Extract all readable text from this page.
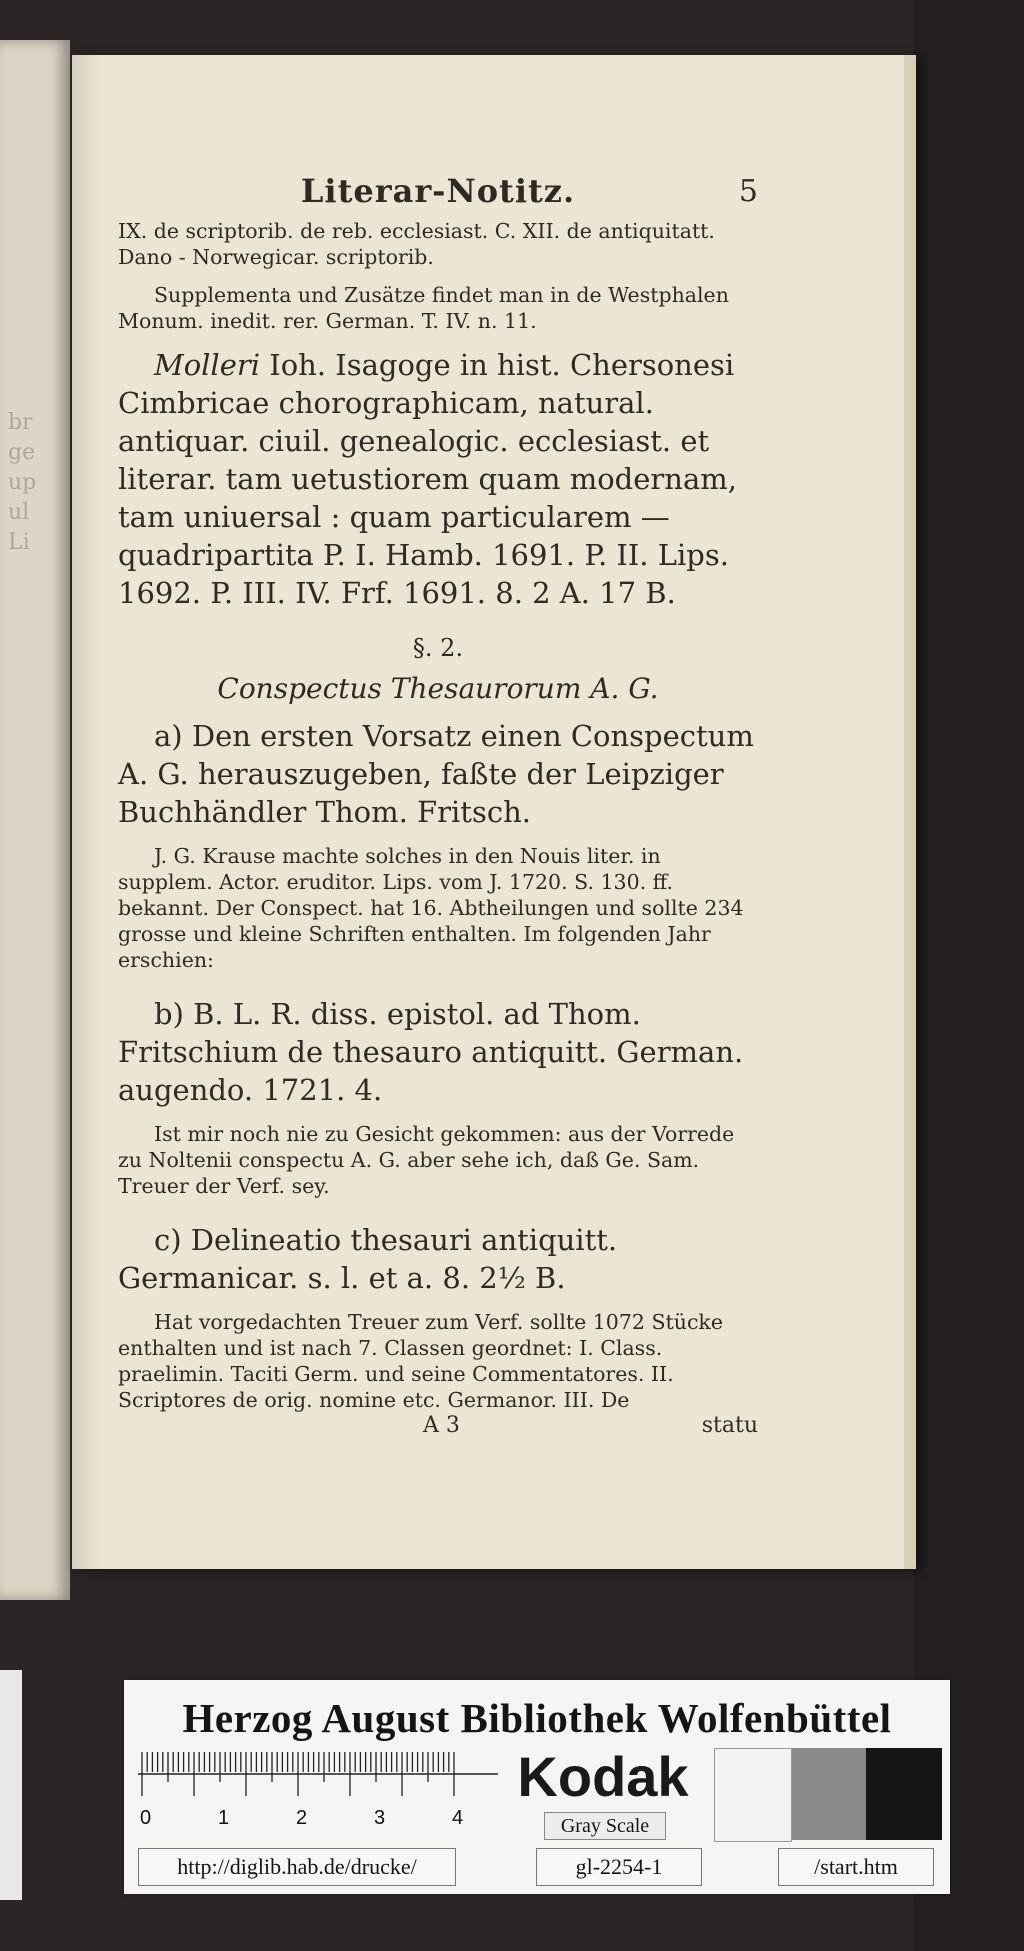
br
ge
up
ul
Li
Literar-Notitz.	5

IX. de scriptorib. de reb. ecclesiast. C. XII. de antiquitatt. Dano - Norwegicar. scriptorib.

Supplementa und Zusätze findet man in de Westphalen Monum. inedit. rer. German. T. IV. n. 11.

Molleri Ioh. Isagoge in hist. Chersonesi Cimbricae chorographicam, natural. antiquar. ciuil. genealogic. ecclesiast. et literar. tam uetustiorem quam modernam, tam uniuersal : quam particularem — quadripartita P. I. Hamb. 1691. P. II. Lips. 1692. P. III. IV. Frf. 1691. 8. 2 A. 17 B.

§. 2.
Conspectus Thesaurorum A. G.

a) Den ersten Vorsatz einen Conspectum A. G. herauszugeben, faßte der Leipziger Buchhändler Thom. Fritsch.

J. G. Krause machte solches in den Nouis liter. in supplem. Actor. eruditor. Lips. vom J. 1720. S. 130. ff. bekannt. Der Conspect. hat 16. Abtheilungen und sollte 234 grosse und kleine Schriften enthalten. Im folgenden Jahr erschien:

b) B. L. R. diss. epistol. ad Thom. Fritschium de thesauro antiquitt. German. augendo. 1721. 4.

Ist mir noch nie zu Gesicht gekommen: aus der Vorrede zu Noltenii conspectu A. G. aber sehe ich, daß Ge. Sam. Treuer der Verf. sey.

c) Delineatio thesauri antiquitt. Germanicar. s. l. et a. 8. 2½ B.

Hat vorgedachten Treuer zum Verf. sollte 1072 Stücke enthalten und ist nach 7. Classen geordnet: I. Class. praelimin. Taciti Germ. und seine Commentatores. II. Scriptores de orig. nomine etc. Germanor. III. De

A 3	statu
Herzog August Bibliothek Wolfenbüttel
0	1	2	3	4
Kodak
Gray Scale
http://diglib.hab.de/drucke/	gl-2254-1	/start.htm
